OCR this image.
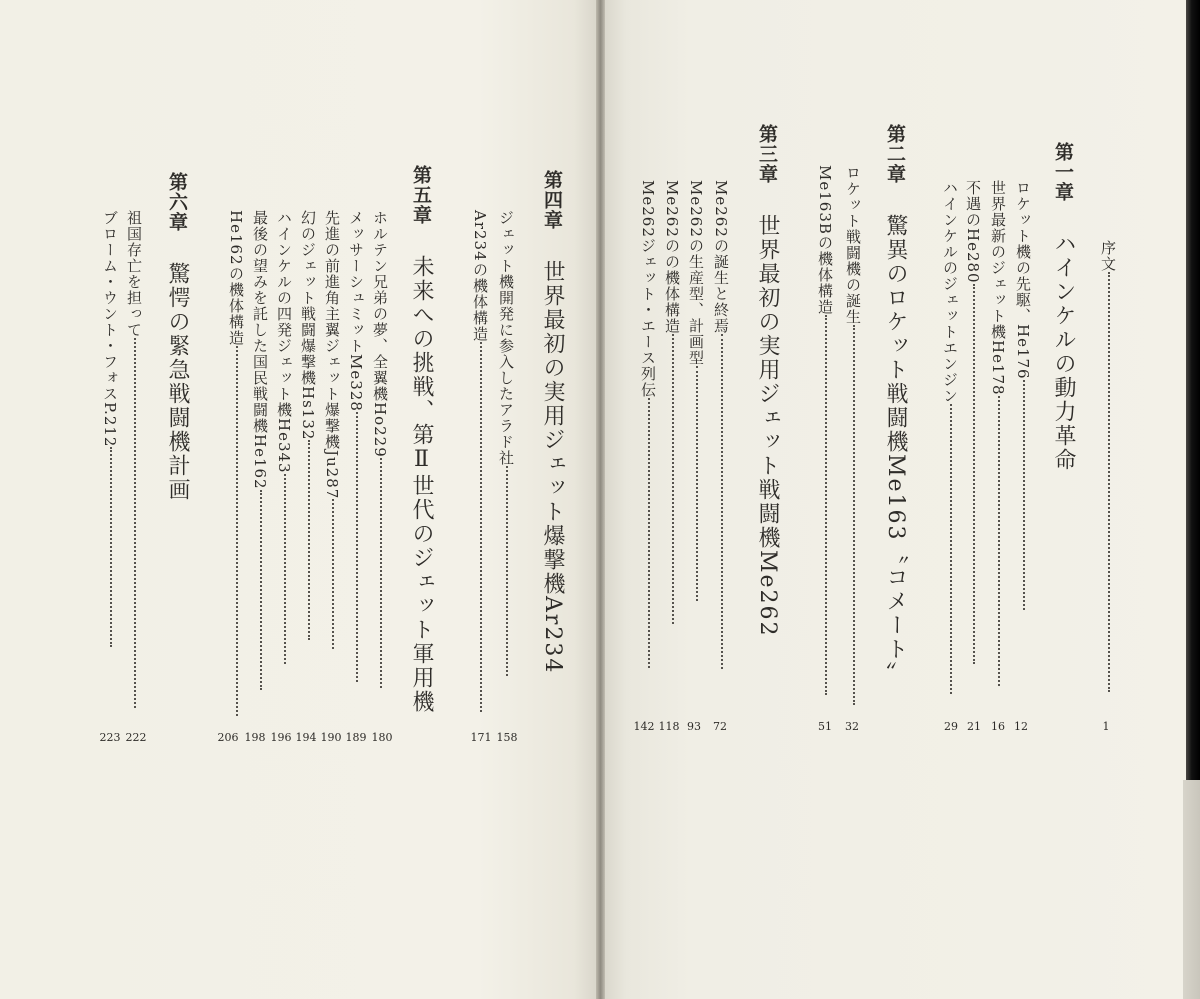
序文
1
第一章
ハインケルの動力革命
ロケット機の先駆、He176
12
世界最新のジェット機He178
16
不遇のHe280
21
ハインケルのジェットエンジン
29
第二章
驚異のロケット戦闘機Me163〝コメート〟
ロケット戦闘機の誕生
32
Me163Bの機体構造
51
第三章
世界最初の実用ジェット戦闘機Me262
Me262の誕生と終焉
72
Me262の生産型、計画型
93
Me262のの機体構造
118
Me262ジェット・エース列伝
142
第四章
世界最初の実用ジェット爆撃機Ar234
ジェット機開発に参入したアラド社
158
Ar234の機体構造
171
第五章
未来への挑戦、第Ⅱ世代のジェット軍用機
ホルテン兄弟の夢、全翼機Ho229
180
メッサーシュミットMe328
189
先進の前進角主翼ジェット爆撃機Ju287
190
幻のジェット戦闘爆撃機Hs132
194
ハインケルの四発ジェット機He343
196
最後の望みを託した国民戦闘機He162
198
He162の機体構造
206
第六章
驚愕の緊急戦闘機計画
祖国存亡を担って
222
ブローム・ウント・フォスP.212
223
